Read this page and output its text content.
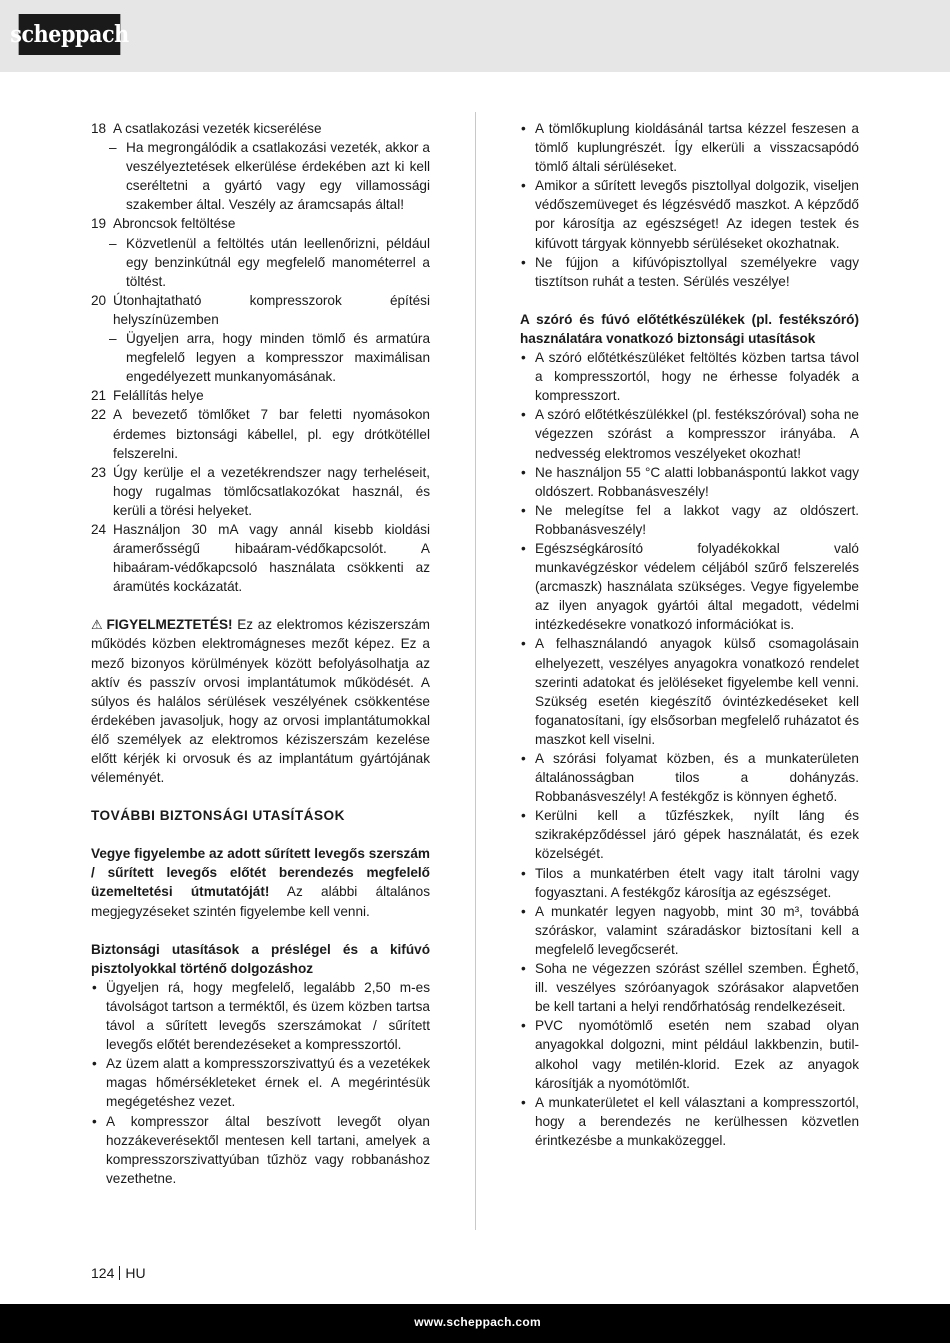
scheppach
18 A csatlakozási vezeték kicserélése
– Ha megrongálódik a csatlakozási vezeték, akkor a veszélyeztetések elkerülése érdekében azt ki kell cseréltetni a gyártó vagy egy villamossági szakember által. Veszély az áramcsapás által!
19 Abroncsok feltöltése
– Közvetlenül a feltöltés után leellenőrizni, például egy benzinkútnál egy megfelelő manométerrel a töltést.
20 Útonhajtatható kompresszorok építési helyszínüzemben
– Ügyeljen arra, hogy minden tömlő és armatúra megfelelő legyen a kompresszor maximálisan engedélyezett munkanyomásának.
21 Felállítás helye
22 A bevezető tömlőket 7 bar feletti nyomásokon érdemes biztonsági kábellel, pl. egy drótkötéllel felszerelni.
23 Úgy kerülje el a vezetékrendszer nagy terheléseit, hogy rugalmas tömlőcsatlakozókat használ, és kerüli a törési helyeket.
24 Használjon 30 mA vagy annál kisebb kioldási áramerősségű hibaáram-védőkapcsolót. A hibaáram-védőkapcsoló használata csökkenti az áramütés kockázatát.

⚠ FIGYELMEZTETÉS! Ez az elektromos kéziszerszám működés közben elektromágneses mezőt képez. Ez a mező bizonyos körülmények között befolyásolhatja az aktív és passzív orvosi implantátumok működését. A súlyos és halálos sérülések veszélyének csökkentése érdekében javasoljuk, hogy az orvosi implantátumokkal élő személyek az elektromos kéziszerszám kezelése előtt kérjék ki orvosuk és az implantátum gyártójának véleményét.

TOVÁBBI BIZTONSÁGI UTASÍTÁSOK

Vegye figyelembe az adott sűrített levegős szerszám / sűrített levegős előtét berendezés megfelelő üzemeltetési útmutatóját! Az alábbi általános megjegyzéseket szintén figyelembe kell venni.

Biztonsági utasítások a préslégel és a kifúvó pisztolyokkal történő dolgozáshoz

• Ügyeljen rá, hogy megfelelő, legalább 2,50 m-es távolságot tartson a terméktől, és üzem közben tartsa távol a sűrített levegős szerszámokat / sűrített levegős előtét berendezéseket a kompresszortól.
• Az üzem alatt a kompresszorszivattyú és a vezetékek magas hőmérsékleteket érnek el. A megérintésük megégetéshez vezet.
• A kompresszor által beszívott levegőt olyan hozzákeverésektől mentesen kell tartani, amelyek a kompresszorszivattyúban tűzhöz vagy robbanáshoz vezethetne.
• A tömlőkuplung kioldásánál tartsa kézzel feszesen a tömlő kuplungrészét. Így elkerüli a visszacsapódó tömlő általi sérüléseket.
• Amikor a sűrített levegős pisztollyal dolgozik, viseljen védőszemüveget és légzésvédő maszkot. A képződő por károsítja az egészséget! Az idegen testek és kifúvott tárgyak könnyebb sérüléseket okozhatnak.
• Ne fújjon a kifúvópisztollyal személyekre vagy tisztítson ruhát a testen. Sérülés veszélye!

A szóró és fúvó előtétkészülékek (pl. festékszóró) használatára vonatkozó biztonsági utasítások

• A szóró előtétkészüléket feltöltés közben tartsa távol a kompresszortól, hogy ne érhesse folyadék a kompresszort.
• A szóró előtétkészülékkel (pl. festékszóróval) soha ne végezzen szórást a kompresszor irányába. A nedvesség elektromos veszélyeket okozhat!
• Ne használjon 55 °C alatti lobbanáspontú lakkot vagy oldószert. Robbanásveszély!
• Ne melegítse fel a lakkot vagy az oldószert. Robbanásveszély!
• Egészségkárosító folyadékokkal való munkavégzéskor védelem céljából szűrő felszerelés (arcmaszk) használata szükséges. Vegye figyelembe az ilyen anyagok gyártói által megadott, védelmi intézkedésekre vonatkozó információkat is.
• A felhasználandó anyagok külső csomagolásain elhelyezett, veszélyes anyagokra vonatkozó rendelet szerinti adatokat és jelöléseket figyelembe kell venni. Szükség esetén kiegészítő óvintézkedéseket kell foganatosítani, így elsősorban megfelelő ruházatot és maszkot kell viselni.
• A szórási folyamat közben, és a munkaterületen általánosságban tilos a dohányzás. Robbanásveszély! A festékgőz is könnyen éghető.
• Kerülni kell a tűzfészkek, nyílt láng és szikraképződéssel járó gépek használatát, és ezek közelségét.
• Tilos a munkatérben ételt vagy italt tárolni vagy fogyasztani. A festékgőz károsítja az egészséget.
• A munkatér legyen nagyobb, mint 30 m³, továbbá szóráskor, valamint száradáskor biztosítani kell a megfelelő levegőcserét.
• Soha ne végezzen szórást széllel szemben. Éghető, ill. veszélyes szóróanyagok szórásakor alapvetően be kell tartani a helyi rendőrhatóság rendelkezéseit.
• PVC nyomótömlő esetén nem szabad olyan anyagokkal dolgozni, mint például lakkbenzin, butil-alkohol vagy metilén-klorid. Ezek az anyagok károsítják a nyomótömlőt.
• A munkaterületet el kell választani a kompresszortól, hogy a berendezés ne kerülhessen közvetlen érintkezésbe a munkaközeggel.
124 HU
www.scheppach.com
